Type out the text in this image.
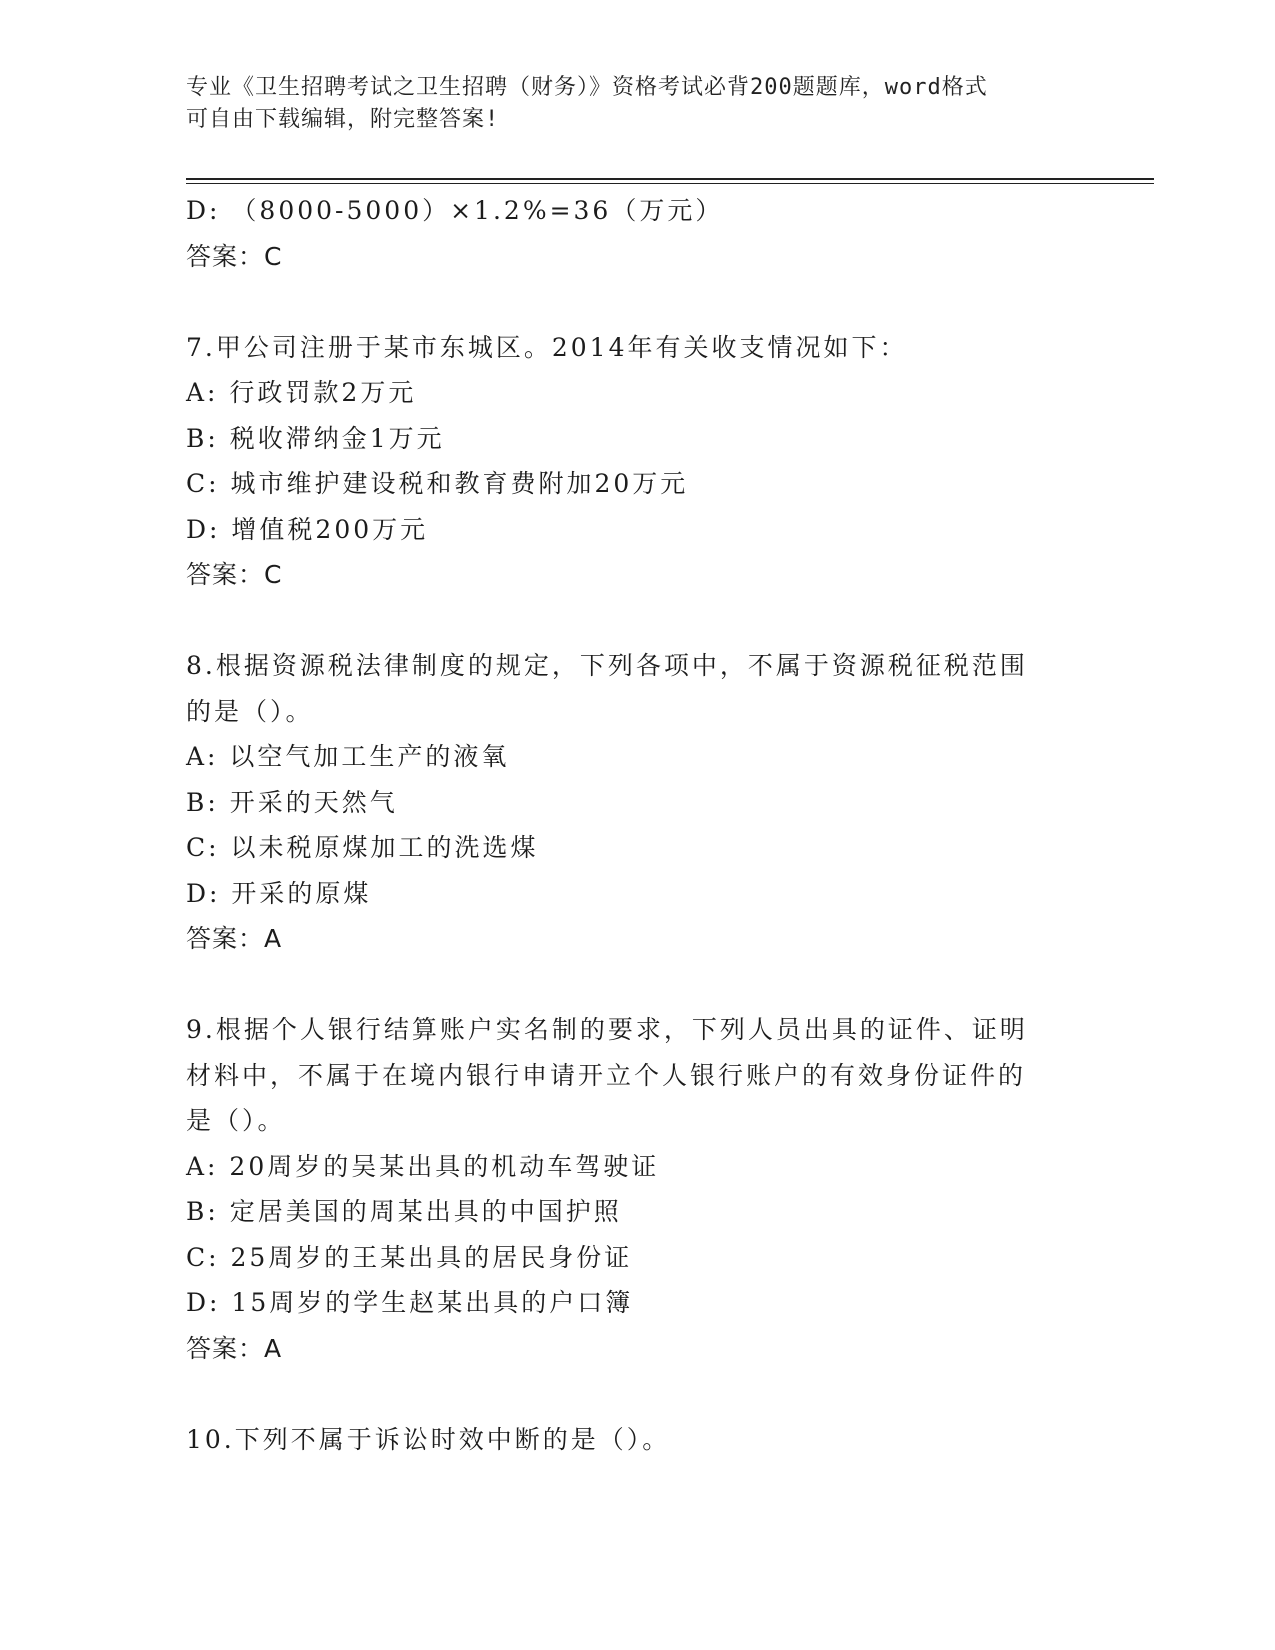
专业《卫生招聘考试之卫生招聘（财务）》资格考试必背200题题库，word格式
可自由下载编辑，附完整答案!
D: （8000-5000）×1.2%=36（万元）
答案：C
7.甲公司注册于某市东城区。2014年有关收支情况如下：
A: 行政罚款2万元
B: 税收滞纳金1万元
C: 城市维护建设税和教育费附加20万元
D: 增值税200万元
答案：C
8.根据资源税法律制度的规定，下列各项中，不属于资源税征税范围
的是（）。
A: 以空气加工生产的液氧
B: 开采的天然气
C: 以未税原煤加工的洗选煤
D: 开采的原煤
答案：A
9.根据个人银行结算账户实名制的要求，下列人员出具的证件、证明
材料中，不属于在境内银行申请开立个人银行账户的有效身份证件的
是（）。
A: 20周岁的吴某出具的机动车驾驶证
B: 定居美国的周某出具的中国护照
C: 25周岁的王某出具的居民身份证
D: 15周岁的学生赵某出具的户口簿
答案：A
10.下列不属于诉讼时效中断的是（）。
